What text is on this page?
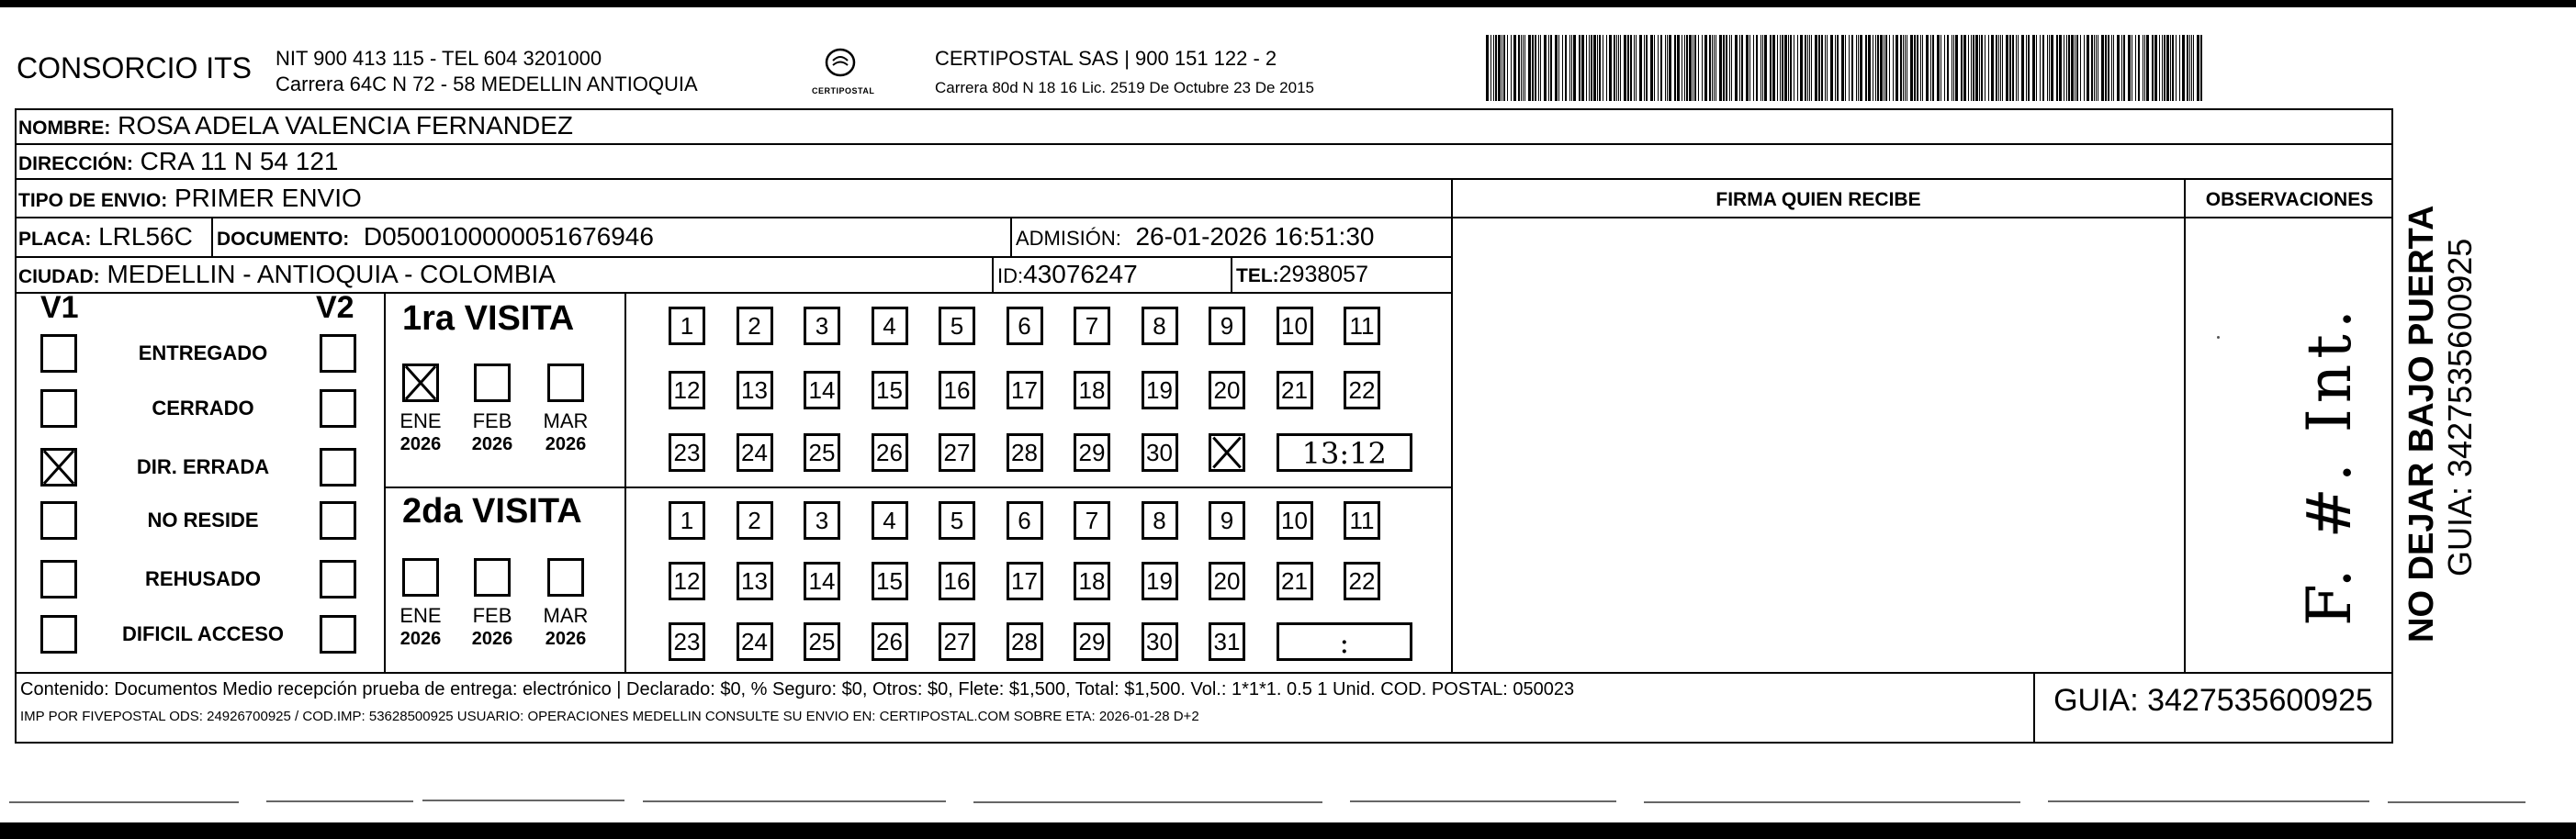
CONSORCIO ITS NIT 900 413 115 - TEL 604 3201000
Carrera 64C N 72 - 58 MEDELLIN ANTIOQUIA	CERTIPOSTAL
CERTIPOSTAL SAS | 900 151 122 - 2
Carrera 80d N 18 16 Lic. 2519 De Octubre 23 De 2015
NOMBRE: ROSA ADELA VALENCIA FERNANDEZ
DIRECCIÓN: CRA 11 N 54 121
TIPO DE ENVIO: PRIMER ENVIO
PLACA: LRL56C DOCUMENTO: D0500100000051676946	ADMISIÓN: 26-01-2026 16:51:30
CIUDAD: MEDELLIN - ANTIOQUIA - COLOMBIA	ID:43076247	TEL:2938057
FIRMA QUIEN RECIBE	OBSERVACIONES
V1	V2
ENTREGADO
CERRADO
DIR. ERRADA
NO RESIDE
REHUSADO
DIFICIL ACCESO
1ra VISITA
ENE
2026
FEB
2026
MAR
2026
1	2	3	4	5	6	7	8	9	10 11
12 13 14 15 16 17 18 19 20 21 22
23 24 25 26 27 28 29 30	13:12
2da VISITA
ENE
2026
FEB
2026
MAR
2026
1	2	3	4	5	6	7	8	9	10 11
12 13 14 15 16 17 18 19 20 21 22
23 24 25 26 27 28 29 30 31	:
F. #. Int.
Contenido: Documentos Medio recepción prueba de entrega: electrónico | Declarado: $0, % Seguro: $0, Otros: $0, Flete: $1,500, Total: $1,500. Vol.: 1*1*1. 0.5 1 Unid. COD. POSTAL: 050023
IMP POR FIVEPOSTAL ODS: 24926700925 / COD.IMP: 53628500925 USUARIO: OPERACIONES MEDELLIN CONSULTE SU ENVIO EN: CERTIPOSTAL.COM SOBRE ETA: 2026-01-28 D+2	GUIA: 3427535600925
NO DEJAR BAJO PUERTA GUIA: 3427535600925
